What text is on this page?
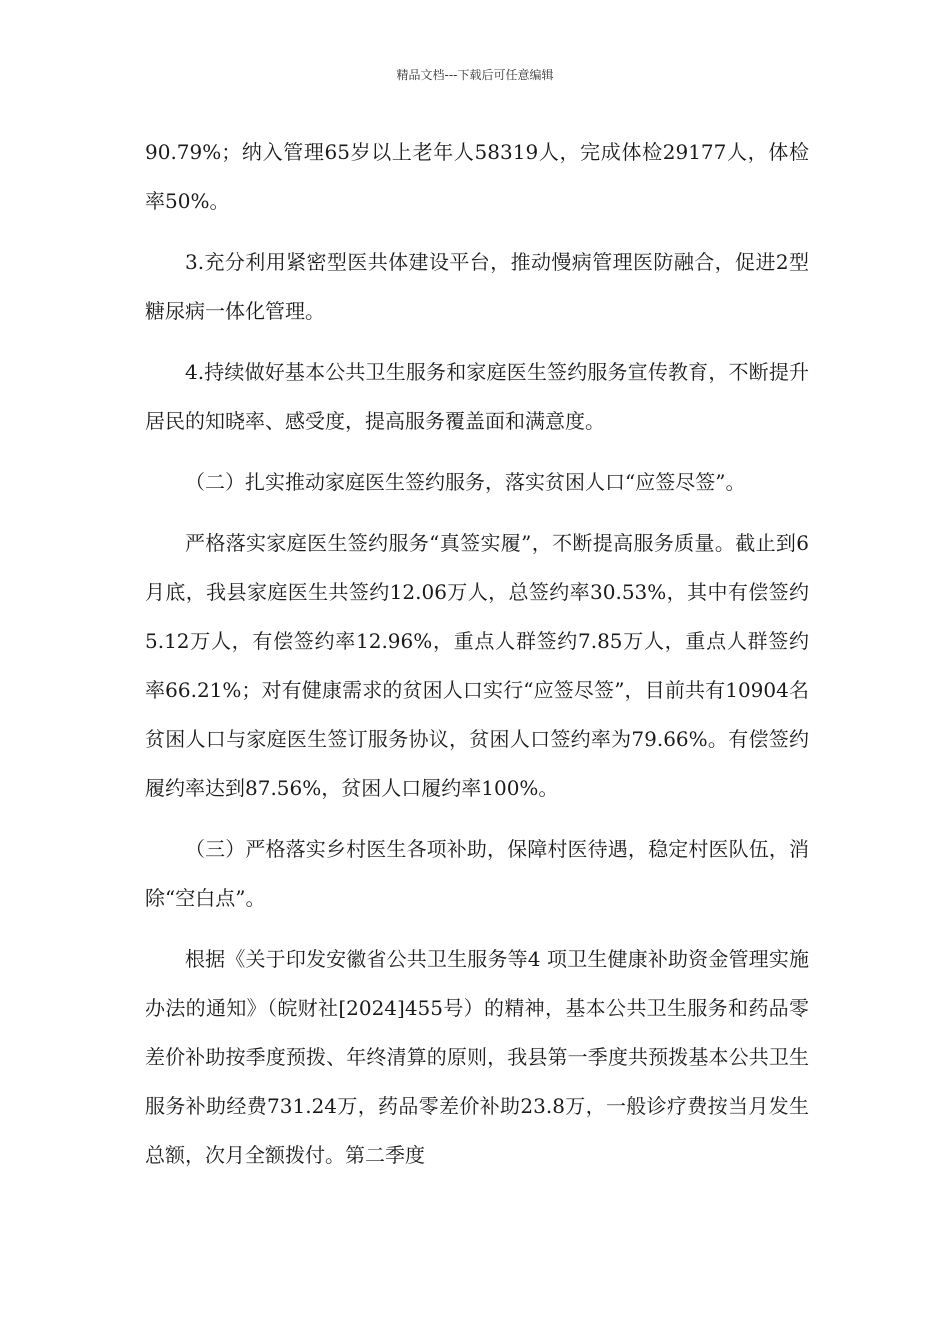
精品文档---下载后可任意编辑

90.79%；纳入管理65岁以上老年人58319人，完成体检29177人，体检率50%。

3.充分利用紧密型医共体建设平台，推动慢病管理医防融合，促进2型糖尿病一体化管理。

4.持续做好基本公共卫生服务和家庭医生签约服务宣传教育，不断提升居民的知晓率、感受度，提高服务覆盖面和满意度。

（二）扎实推动家庭医生签约服务，落实贫困人口“应签尽签”。

严格落实家庭医生签约服务“真签实履”，不断提高服务质量。截止到6月底，我县家庭医生共签约12.06万人，总签约率30.53%，其中有偿签约5.12万人，有偿签约率12.96%，重点人群签约7.85万人，重点人群签约率66.21%；对有健康需求的贫困人口实行“应签尽签”，目前共有10904名贫困人口与家庭医生签订服务协议，贫困人口签约率为79.66%。有偿签约履约率达到87.56%，贫困人口履约率100%。

（三）严格落实乡村医生各项补助，保障村医待遇，稳定村医队伍，消除“空白点”。

根据《关于印发安徽省公共卫生服务等4 项卫生健康补助资金管理实施办法的通知》（皖财社[2024]455号）的精神，基本公共卫生服务和药品零差价补助按季度预拨、年终清算的原则，我县第一季度共预拨基本公共卫生服务补助经费731.24万，药品零差价补助23.8万，一般诊疗费按当月发生总额，次月全额拨付。第二季度
